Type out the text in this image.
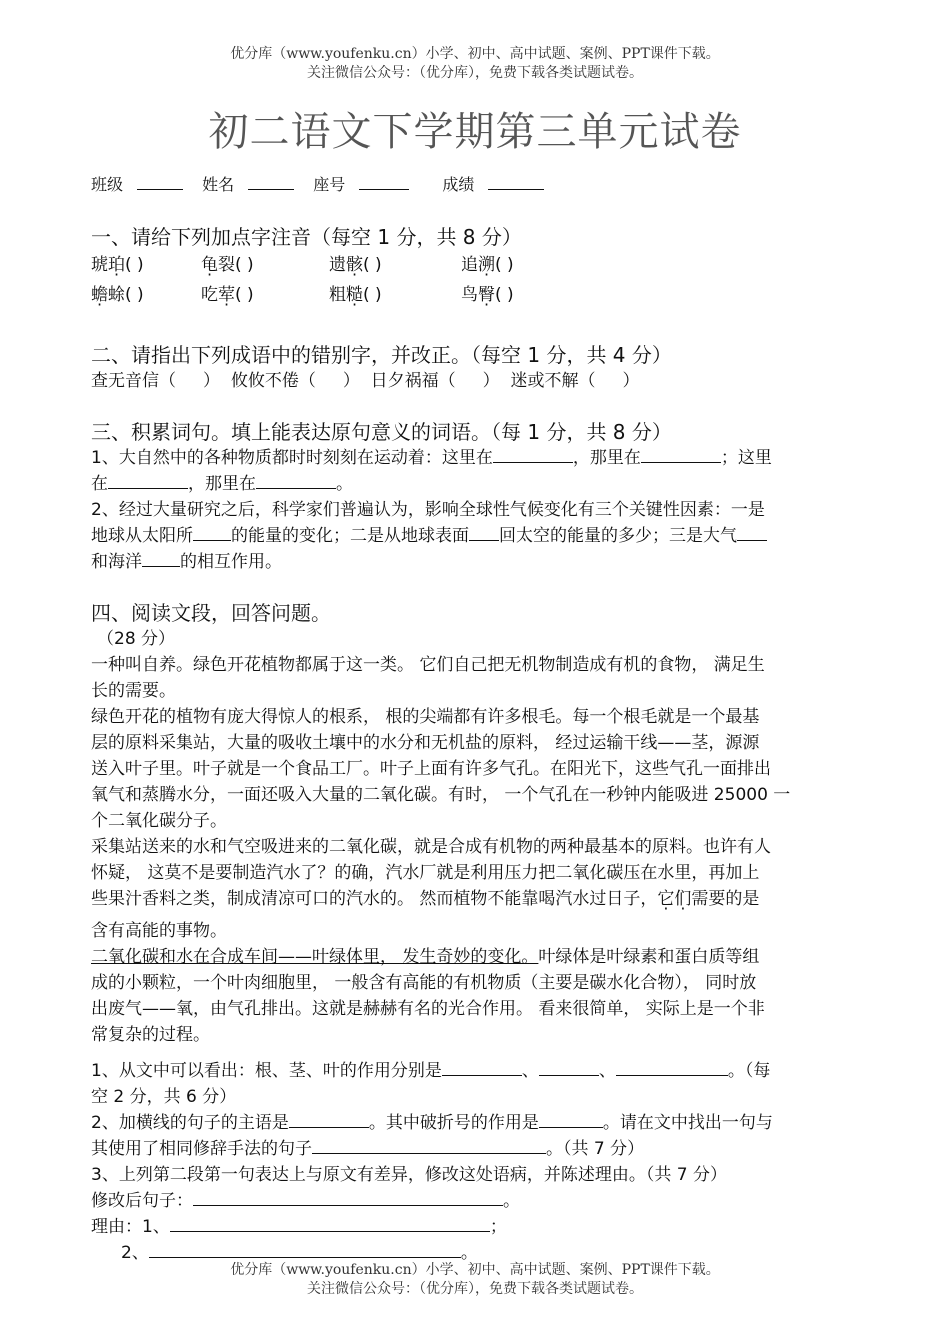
优分库（www.youfenku.cn）小学、初中、高中试题、案例、PPT课件下载。
关注微信公众号：（优分库），免费下载各类试题试卷。
初二语文下学期第三单元试卷
班级	姓名	座号	成绩
一、请给下列加点字注音（每空 1 分，共 8 分）
琥珀( )	龟裂( )	遗骸( )	追溯( )
蟾蜍( )	吃荤( )	粗糙( )	鸟臀( )
二、请指出下列成语中的错别字，并改正。（每空 1 分，共 4 分）
查无音信（     ）  攸攸不倦（     ）  日夕祸福（     ）  迷或不解（     ）
三、积累词句。填上能表达原句意义的词语。（每 1 分，共 8 分）
1、大自然中的各种物质都时时刻刻在运动着：这里在	，那里在	；这里
在	，那里在	。
2、经过大量研究之后，科学家们普遍认为，影响全球性气候变化有三个关键性因素：一是
地球从太阳所 的能量的变化；二是从地球表面 回太空的能量的多少；三是大气
和海洋 的相互作用。
四、阅读文段，回答问题。
（28 分）
一种叫自养。绿色开花植物都属于这一类。 它们自己把无机物制造成有机的食物， 满足生
长的需要。
绿色开花的植物有庞大得惊人的根系， 根的尖端都有许多根毛。每一个根毛就是一个最基
层的原料采集站，大量的吸收土壤中的水分和无机盐的原料， 经过运输干线——茎，源源
送入叶子里。叶子就是一个食品工厂。叶子上面有许多气孔。在阳光下，这些气孔一面排出
氧气和蒸腾水分，一面还吸入大量的二氧化碳。有时， 一个气孔在一秒钟内能吸进 25000 一
个二氧化碳分子。
采集站送来的水和气空吸进来的二氧化碳，就是合成有机物的两种最基本的原料。也许有人
怀疑， 这莫不是要制造汽水了？的确，汽水厂就是利用压力把二氧化碳压在水里，再加上
些果汁香料之类，制成清凉可口的汽水的。 然而植物不能靠喝汽水过日子，它们需要的是
含有高能的事物。
二氧化碳和水在合成车间——叶绿体里， 发生奇妙的变化。叶绿体是叶绿素和蛋白质等组
成的小颗粒，一个叶肉细胞里， 一般含有高能的有机物质（主要是碳水化合物）， 同时放
出废气——氧，由气孔排出。这就是赫赫有名的光合作用。 看来很简单， 实际上是一个非
常复杂的过程。
1、从文中可以看出：根、茎、叶的作用分别是	、	、	。（每
空 2 分，共 6 分）
2、加横线的句子的主语是	。其中破折号的作用是	。请在文中找出一句与
其使用了相同修辞手法的句子	。（共 7 分）
3、上列第二段第一句表达上与原文有差异，修改这处语病，并陈述理由。（共 7 分）
修改后句子：	。
理由：1、	；
2、	。
优分库（www.youfenku.cn）小学、初中、高中试题、案例、PPT课件下载。
关注微信公众号：（优分库），免费下载各类试题试卷。
